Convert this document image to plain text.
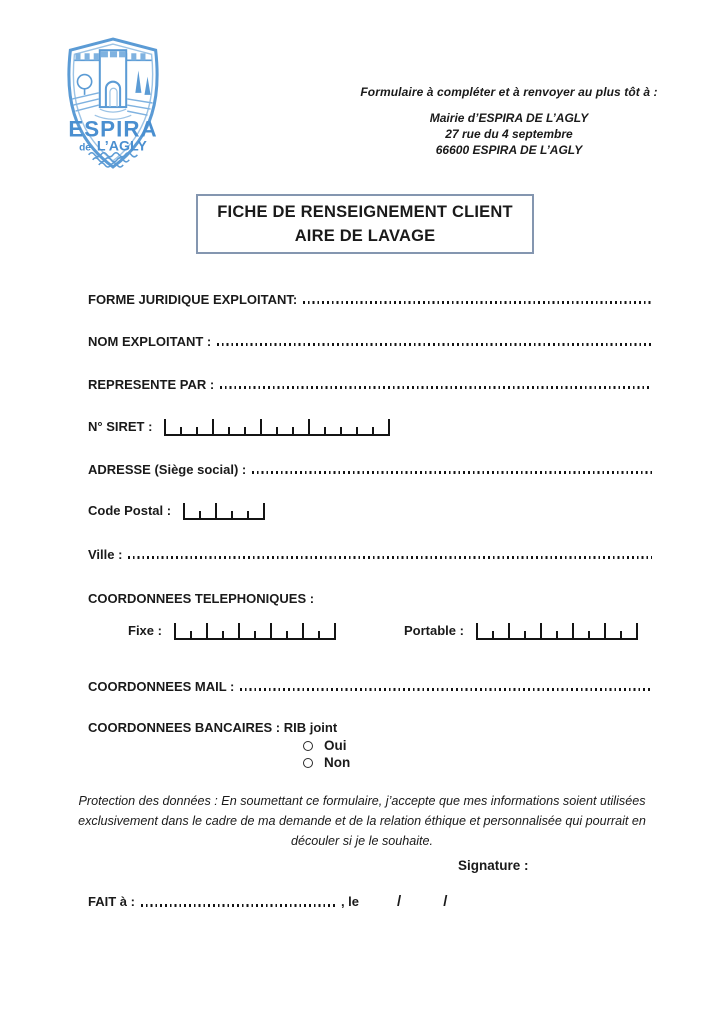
ESPIRA
de L’AGLY
Formulaire à compléter et à renvoyer au plus tôt à :
Mairie d’ESPIRA DE L’AGLY
27 rue du 4 septembre
66600 ESPIRA DE L’AGLY
FICHE DE RENSEIGNEMENT CLIENT
AIRE DE LAVAGE
FORME JURIDIQUE EXPLOITANT:
NOM EXPLOITANT :
REPRESENTE PAR :
N° SIRET :
ADRESSE (Siège social) :
Code Postal :
Ville :
COORDONNEES TELEPHONIQUES :
Fixe :	Portable :
COORDONNEES MAIL :
COORDONNEES BANCAIRES : RIB joint
Oui
Non
Protection des données : En soumettant ce formulaire, j’accepte que mes informations soient utilisées exclusivement dans le cadre de ma demande et de la relation éthique et personnalisée qui pourrait en découler si je le souhaite.
Signature :
FAIT à :	, le	/	/
